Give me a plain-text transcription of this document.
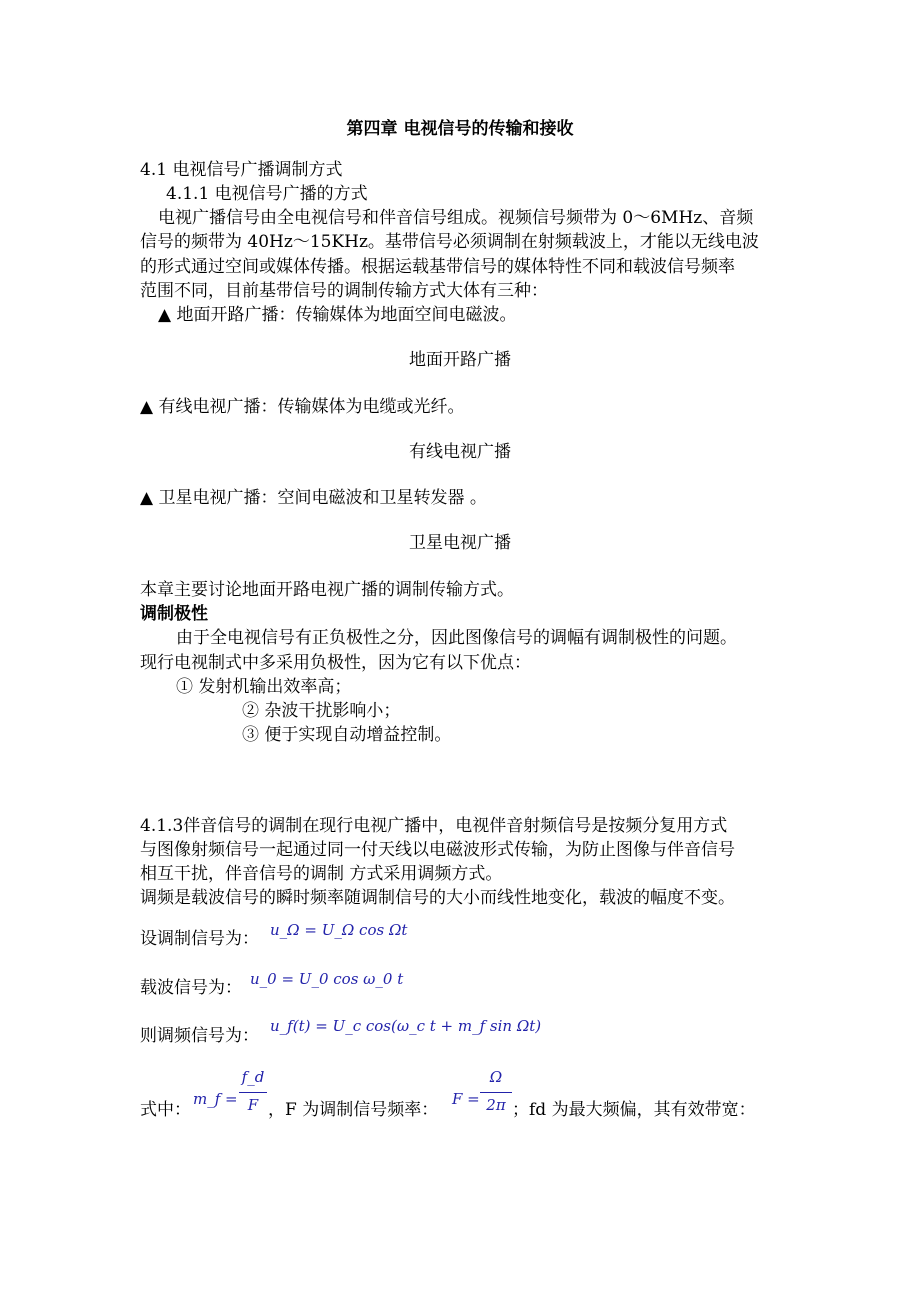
第四章 电视信号的传输和接收
4.1 电视信号广播调制方式
4.1.1 电视信号广播的方式
电视广播信号由全电视信号和伴音信号组成。视频信号频带为 0～6MHz、音频
信号的频带为 40Hz～15KHz。基带信号必须调制在射频载波上，才能以无线电波
的形式通过空间或媒体传播。根据运载基带信号的媒体特性不同和载波信号频率
范围不同，目前基带信号的调制传输方式大体有三种：
▲ 地面开路广播：传输媒体为地面空间电磁波。
地面开路广播
▲ 有线电视广播：传输媒体为电缆或光纤。
有线电视广播
▲ 卫星电视广播：空间电磁波和卫星转发器 。
卫星电视广播
本章主要讨论地面开路电视广播的调制传输方式。
调制极性
由于全电视信号有正负极性之分，因此图像信号的调幅有调制极性的问题。
现行电视制式中多采用负极性，因为它有以下优点：
① 发射机输出效率高；
② 杂波干扰影响小；
③ 便于实现自动增益控制。
4.1.3伴音信号的调制在现行电视广播中，电视伴音射频信号是按频分复用方式
与图像射频信号一起通过同一付天线以电磁波形式传输，为防止图像与伴音信号
相互干扰，伴音信号的调制 方式采用调频方式。
调频是载波信号的瞬时频率随调制信号的大小而线性地变化，载波的幅度不变。
设调制信号为： u_Ω = U_Ω cos Ωt
载波信号为： u_0 = U_0 cos ω_0 t
则调频信号为： u_f(t) = U_c cos(ω_c t + m_f sin Ωt)
式中：
m_f =
f_d
F ，F 为调制信号频率：
F =
Ω
2π ；fd 为最大频偏，其有效带宽：
